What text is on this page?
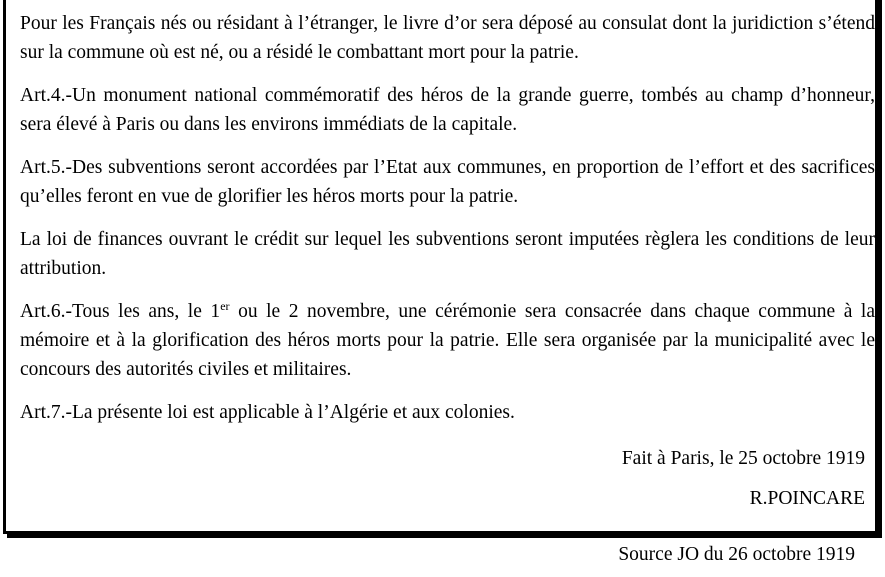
Pour les Français nés ou résidant à l’étranger, le livre d’or sera déposé au consulat dont la juridiction s’étend sur la commune où est né, ou a résidé le combattant mort pour la patrie.

Art.4.-Un monument national commémoratif des héros de la grande guerre, tombés au champ d’honneur, sera élevé à Paris ou dans les environs immédiats de la capitale.

Art.5.-Des subventions seront accordées par l’Etat aux communes, en proportion de l’effort et des sacrifices qu’elles feront en vue de glorifier les héros morts pour la patrie.

La loi de finances ouvrant le crédit sur lequel les subventions seront imputées règlera les conditions de leur attribution.

Art.6.-Tous les ans, le 1er ou le 2 novembre, une cérémonie sera consacrée dans chaque commune à la mémoire et à la glorification des héros morts pour la patrie. Elle sera organisée par la municipalité avec le concours des autorités civiles et militaires.

Art.7.-La présente loi est applicable à l’Algérie et aux colonies.

Fait à Paris, le 25 octobre 1919
R.POINCARE
Source JO du 26 octobre 1919
